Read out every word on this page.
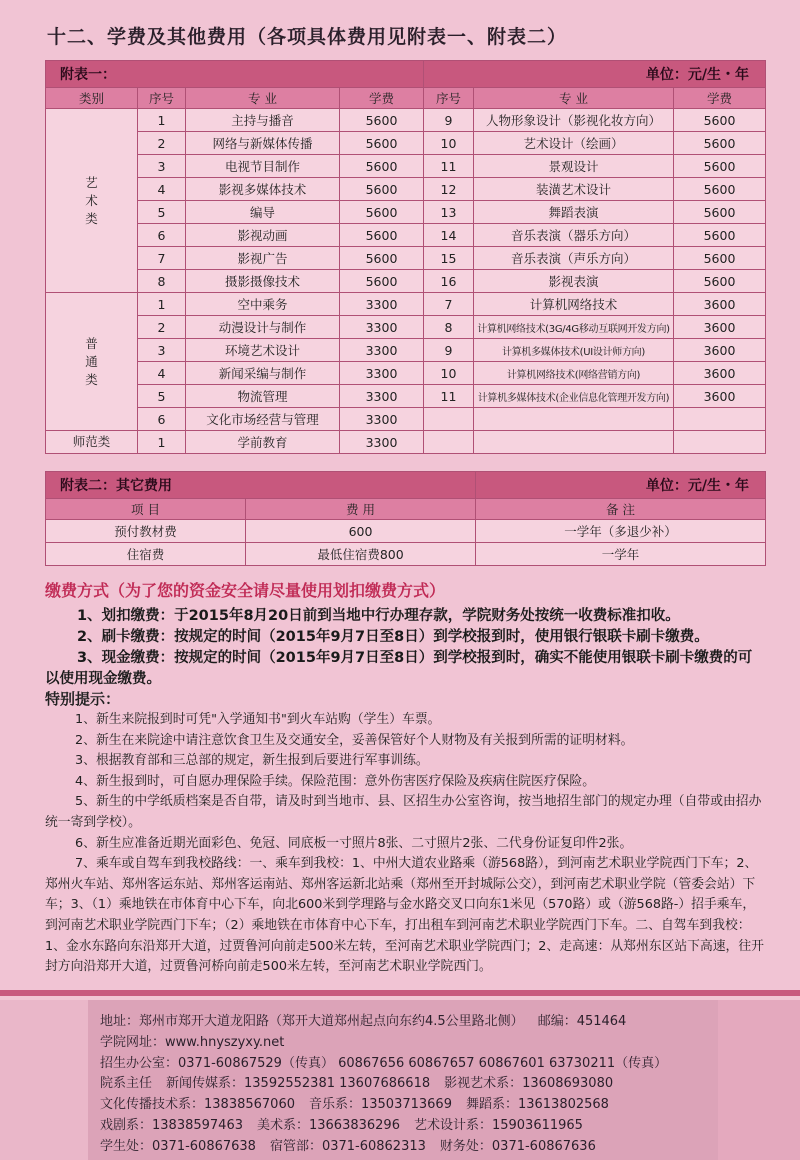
十二、学费及其他费用（各项具体费用见附表一、附表二）
附表一：				单位：元/生・年		
类别	序号	专 业	学费	序号	专 业	学费
艺
术
类	1	主持与播音	5600	9	人物形象设计（影视化妆方向）	5600
	2	网络与新媒体传播	5600	10	艺术设计（绘画）	5600
	3	电视节目制作	5600	11	景观设计	5600
	4	影视多媒体技术	5600	12	装潢艺术设计	5600
	5	编导	5600	13	舞蹈表演	5600
	6	影视动画	5600	14	音乐表演（器乐方向）	5600
	7	影视广告	5600	15	音乐表演（声乐方向）	5600
	8	摄影摄像技术	5600	16	影视表演	5600
普
通
类	1	空中乘务	3300	7	计算机网络技术	3600
	2	动漫设计与制作	3300	8	计算机网络技术(3G/4G移动互联网开发方向)	3600
	3	环境艺术设计	3300	9	计算机多媒体技术(UI设计师方向)	3600
	4	新闻采编与制作	3300	10	计算机网络技术(网络营销方向)	3600
	5	物流管理	3300	11	计算机多媒体技术(企业信息化管理开发方向)	3600
	6	文化市场经营与管理	3300			
师范类	1	学前教育	3300			
附表二：其它费用		单位：元/生・年
项 目	费 用	备 注
预付教材费	600	一学年（多退少补）
住宿费	最低住宿费800	一学年
缴费方式（为了您的资金安全请尽量使用划扣缴费方式）

1、划扣缴费：于2015年8月20日前到当地中行办理存款，学院财务处按统一收费标准扣收。

2、刷卡缴费：按规定的时间（2015年9月7日至8日）到学校报到时，使用银行银联卡刷卡缴费。

3、现金缴费：按规定的时间（2015年9月7日至8日）到学校报到时，确实不能使用银联卡刷卡缴费的可以使用现金缴费。

特别提示：

1、新生来院报到时可凭"入学通知书"到火车站购（学生）车票。

2、新生在来院途中请注意饮食卫生及交通安全，妥善保管好个人财物及有关报到所需的证明材料。

3、根据教育部和三总部的规定，新生报到后要进行军事训练。

4、新生报到时，可自愿办理保险手续。保险范围：意外伤害医疗保险及疾病住院医疗保险。

5、新生的中学纸质档案是否自带，请及时到当地市、县、区招生办公室咨询，按当地招生部门的规定办理（自带或由招办统一寄到学校）。

6、新生应准备近期光面彩色、免冠、同底板一寸照片8张、二寸照片2张、二代身份证复印件2张。

7、乘车或自驾车到我校路线：一、乘车到我校：1、中州大道农业路乘（游568路），到河南艺术职业学院西门下车；2、郑州火车站、郑州客运东站、郑州客运南站、郑州客运新北站乘（郑州至开封城际公交），到河南艺术职业学院（管委会站）下车；3、（1）乘地铁在市体育中心下车，向北600米到学理路与金水路交叉口向东1米见（570路）或（游568路-）招手乘车，到河南艺术职业学院西门下车；（2）乘地铁在市体育中心下车，打出租车到河南艺术职业学院西门下车。二、自驾车到我校：1、金水东路向东沿郑开大道，过贾鲁河向前走500米左转，至河南艺术职业学院西门；2、走高速：从郑州东区站下高速，往开封方向沿郑开大道，过贾鲁河桥向前走500米左转，至河南艺术职业学院西门。

地址：郑州市郑开大道龙阳路（郑开大道郑州起点向东约4.5公里路北侧） 邮编：451464
学院网址：www.hnyszyxy.net
招生办公室：0371-60867529（传真） 60867656 60867657 60867601 63730211（传真）
院系主任 新闻传媒系：13592552381 13607686618 影视艺术系：13608693080
文化传播技术系：13838567060 音乐系：13503713669 舞蹈系：13613802568
戏剧系：13838597463 美术系：13663836296 艺术设计系：15903611965
学生处：0371-60867638 宿管部：0371-60862313 财务处：0371-60867636
